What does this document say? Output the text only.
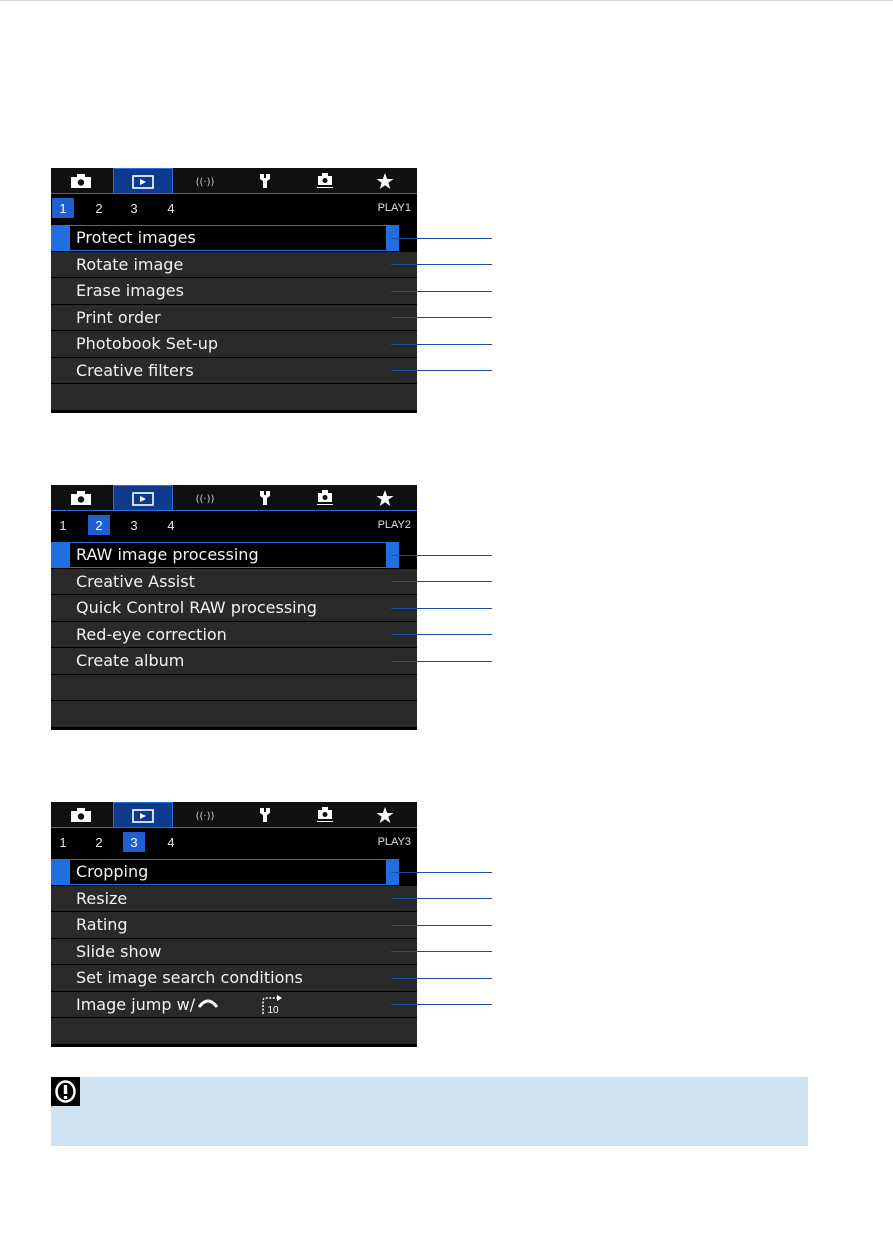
((·))
1	2	3	4	PLAY1
Protect images
Rotate image
Erase images
Print order
Photobook Set-up
Creative filters
((·))
1	2	3	4	PLAY2
RAW image processing
Creative Assist
Quick Control RAW processing
Red-eye correction
Create album
((·))
1	2	3	4	PLAY3
Cropping
Resize
Rating
Slide show
Set image search conditions
Image jump w/	10
